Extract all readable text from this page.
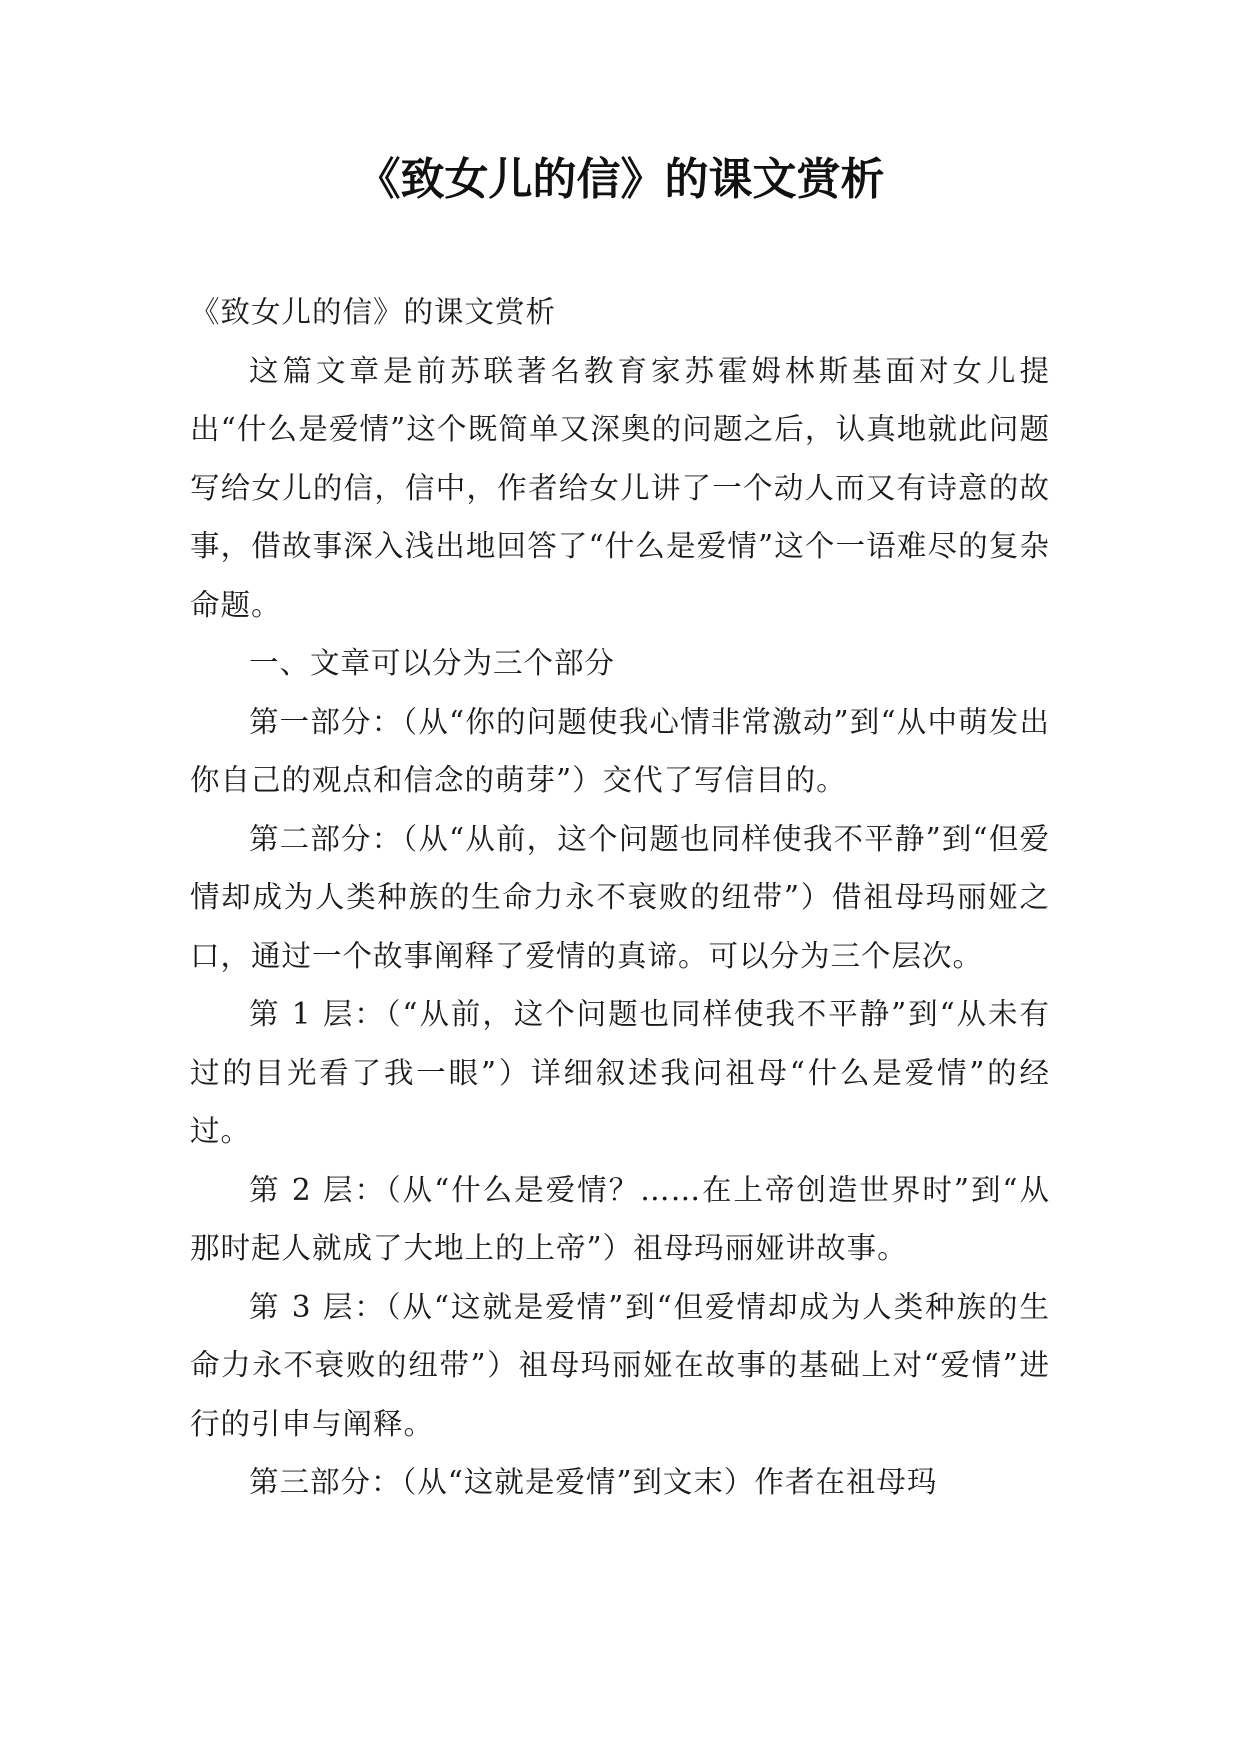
《致女儿的信》的课文赏析

《致女儿的信》的课文赏析

这篇文章是前苏联著名教育家苏霍姆林斯基面对女儿提出“什么是爱情”这个既简单又深奥的问题之后，认真地就此问题写给女儿的信，信中，作者给女儿讲了一个动人而又有诗意的故事，借故事深入浅出地回答了“什么是爱情”这个一语难尽的复杂命题。

一、文章可以分为三个部分

第一部分：（从“你的问题使我心情非常激动”到“从中萌发出你自己的观点和信念的萌芽”）交代了写信目的。

第二部分：（从“从前，这个问题也同样使我不平静”到“但爱情却成为人类种族的生命力永不衰败的纽带”）借祖母玛丽娅之口，通过一个故事阐释了爱情的真谛。可以分为三个层次。

第 1 层：（“从前，这个问题也同样使我不平静”到“从未有过的目光看了我一眼”）详细叙述我问祖母“什么是爱情”的经过。

第 2 层：（从“什么是爱情？……在上帝创造世界时”到“从那时起人就成了大地上的上帝”）祖母玛丽娅讲故事。

第 3 层：（从“这就是爱情”到“但爱情却成为人类种族的生命力永不衰败的纽带”）祖母玛丽娅在故事的基础上对“爱情”进行的引申与阐释。

第三部分：（从“这就是爱情”到文末）作者在祖母玛
